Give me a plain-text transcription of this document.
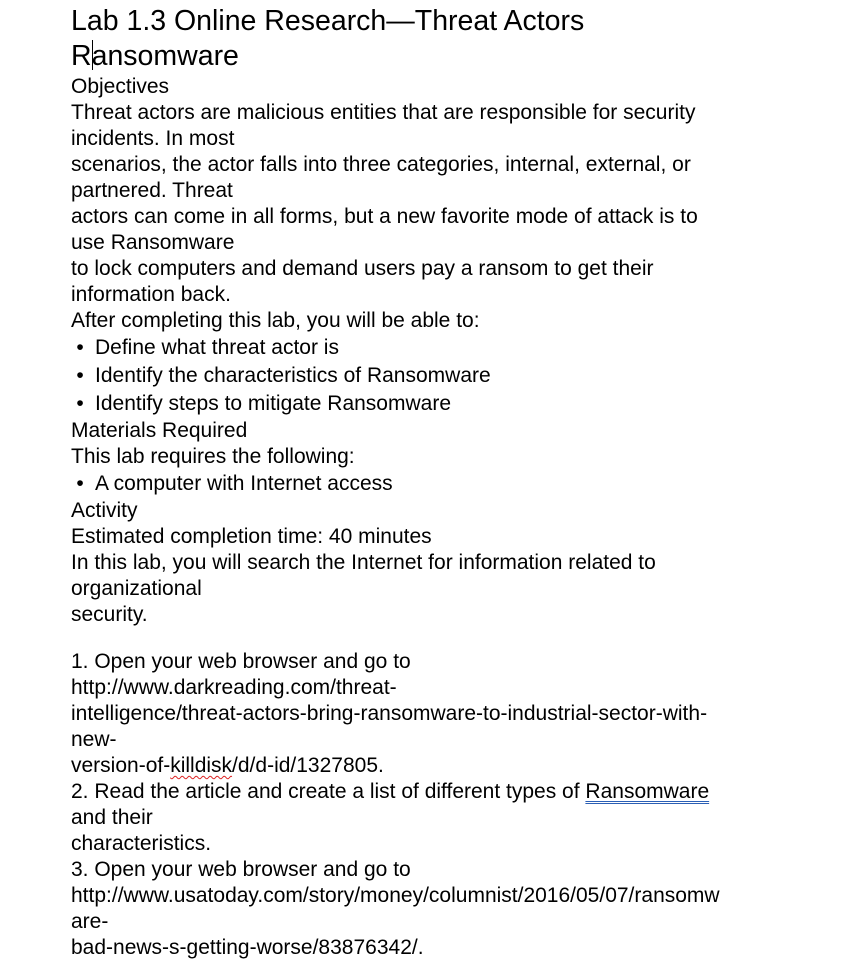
Lab 1.3 Online Research—Threat Actors
Ransomware

Objectives

Threat actors are malicious entities that are responsible for security

incidents. In most

scenarios, the actor falls into three categories, internal, external, or

partnered. Threat

actors can come in all forms, but a new favorite mode of attack is to

use Ransomware

to lock computers and demand users pay a ransom to get their

information back.

After completing this lab, you will be able to:

• Define what threat actor is
• Identify the characteristics of Ransomware
• Identify steps to mitigate Ransomware

Materials Required

This lab requires the following:

• A computer with Internet access

Activity

Estimated completion time: 40 minutes

In this lab, you will search the Internet for information related to

organizational

security.

1. Open your web browser and go to

http://www.darkreading.com/threat-

intelligence/threat-actors-bring-ransomware-to-industrial-sector-with-

new-

version-of-killdisk/d/d-id/1327805.

2. Read the article and create a list of different types of Ransomware

and their

characteristics.

3. Open your web browser and go to

http://www.usatoday.com/story/money/columnist/2016/05/07/ransomw

are-

bad-news-s-getting-worse/83876342/.
